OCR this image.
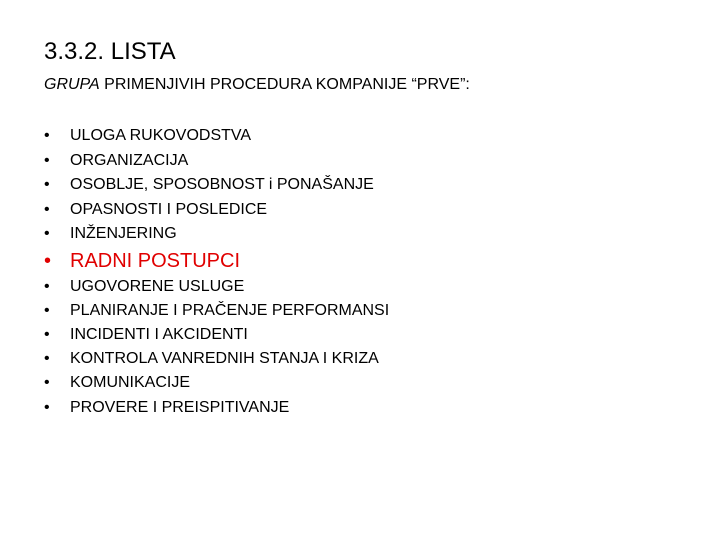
3.3.2. LISTA
GRUPA PRIMENJIVIH PROCEDURA KOMPANIJE “PRVE”:
•	ULOGA RUKOVODSTVA
•	ORGANIZACIJA
•	OSOBLJE, SPOSOBNOST i PONAŠANJE
•	OPASNOSTI I POSLEDICE
•	INŽENJERING
• RADNI POSTUPCI
•	UGOVORENE USLUGE
•	PLANIRANJE I PRAČENJE PERFORMANSI
•	INCIDENTI I AKCIDENTI
•	KONTROLA VANREDNIH STANJA I KRIZA
•	KOMUNIKACIJE
•	PROVERE I PREISPITIVANJE
